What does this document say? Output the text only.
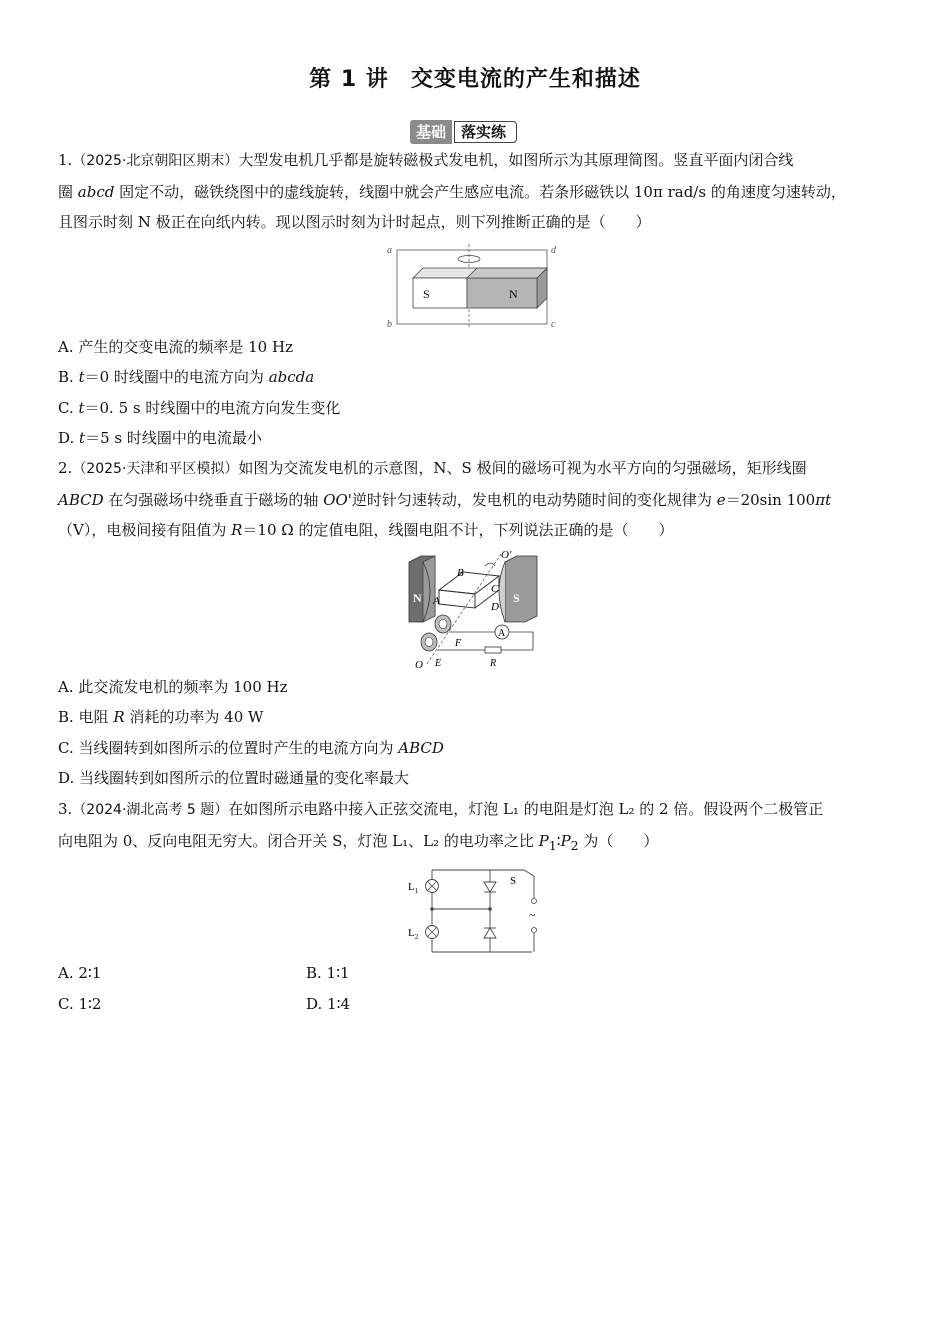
第 1 讲 交变电流的产生和描述
基础	落实练
1.（2025·北京朝阳区期末）大型发电机几乎都是旋转磁极式发电机，如图所示为其原理简图。竖直平面内闭合线
圈 abcd 固定不动，磁铁绕图中的虚线旋转，线圈中就会产生感应电流。若条形磁铁以 10π rad/s 的角速度匀速转动，
且图示时刻 N 极正在向纸内转。现以图示时刻为计时起点，则下列推断正确的是（　　）
a
b	c
d
S	N
A. 产生的交变电流的频率是 10 Hz
B. t＝0 时线圈中的电流方向为 abcda
C. t＝0. 5 s 时线圈中的电流方向发生变化
D. t＝5 s 时线圈中的电流最小
2.（2025·天津和平区模拟）如图为交流发电机的示意图，N、S 极间的磁场可视为水平方向的匀强磁场，矩形线圈
ABCD 在匀强磁场中绕垂直于磁场的轴 OO'逆时针匀速转动，发电机的电动势随时间的变化规律为 e＝20sin 100πt
（V），电极间接有阻值为 R＝10 Ω 的定值电阻，线圈电阻不计，下列说法正确的是（　　）
N	S
O'
B
C
D
A
A
O E
F
R
A. 此交流发电机的频率为 100 Hz
B. 电阻 R 消耗的功率为 40 W
C. 当线圈转到如图所示的位置时产生的电流方向为 ABCD
D. 当线圈转到如图所示的位置时磁通量的变化率最大
3.（2024·湖北高考 5 题）在如图所示电路中接入正弦交流电，灯泡 L₁ 的电阻是灯泡 L₂ 的 2 倍。假设两个二极管正
向电阻为 0、反向电阻无穷大。闭合开关 S，灯泡 L₁、L₂ 的电功率之比 $P_1∶P_2$ 为（　　）
$L_1$
$L_2$
S
~
A. 2∶1	B. 1∶1
C. 1∶2	D. 1∶4
